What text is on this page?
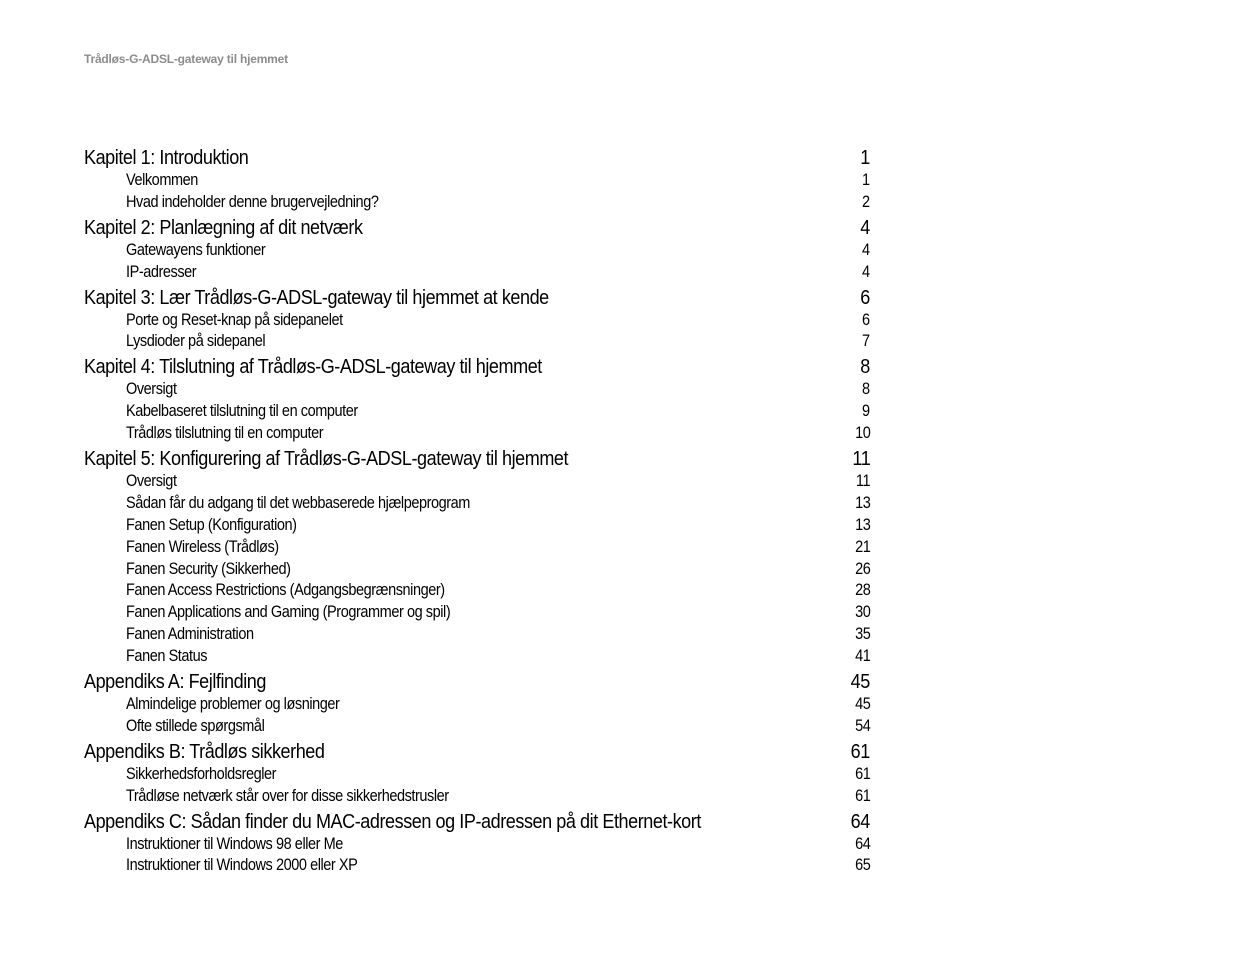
Trådløs-G-ADSL-gateway til hjemmet
Kapitel 1: Introduktion	1
Velkommen	1
Hvad indeholder denne brugervejledning?	2
Kapitel 2: Planlægning af dit netværk	4
Gatewayens funktioner	4
IP-adresser	4
Kapitel 3: Lær Trådløs-G-ADSL-gateway til hjemmet at kende	6
Porte og Reset-knap på sidepanelet	6
Lysdioder på sidepanel	7
Kapitel 4: Tilslutning af Trådløs-G-ADSL-gateway til hjemmet	8
Oversigt	8
Kabelbaseret tilslutning til en computer	9
Trådløs tilslutning til en computer	10
Kapitel 5: Konfigurering af Trådløs-G-ADSL-gateway til hjemmet	11
Oversigt	11
Sådan får du adgang til det webbaserede hjælpeprogram	13
Fanen Setup (Konfiguration)	13
Fanen Wireless (Trådløs)	21
Fanen Security (Sikkerhed)	26
Fanen Access Restrictions (Adgangsbegrænsninger)	28
Fanen Applications and Gaming (Programmer og spil)	30
Fanen Administration	35
Fanen Status	41
Appendiks A: Fejlfinding	45
Almindelige problemer og løsninger	45
Ofte stillede spørgsmål	54
Appendiks B: Trådløs sikkerhed	61
Sikkerhedsforholdsregler	61
Trådløse netværk står over for disse sikkerhedstrusler	61
Appendiks C: Sådan finder du MAC-adressen og IP-adressen på dit Ethernet-kort	64
Instruktioner til Windows 98 eller Me	64
Instruktioner til Windows 2000 eller XP	65
